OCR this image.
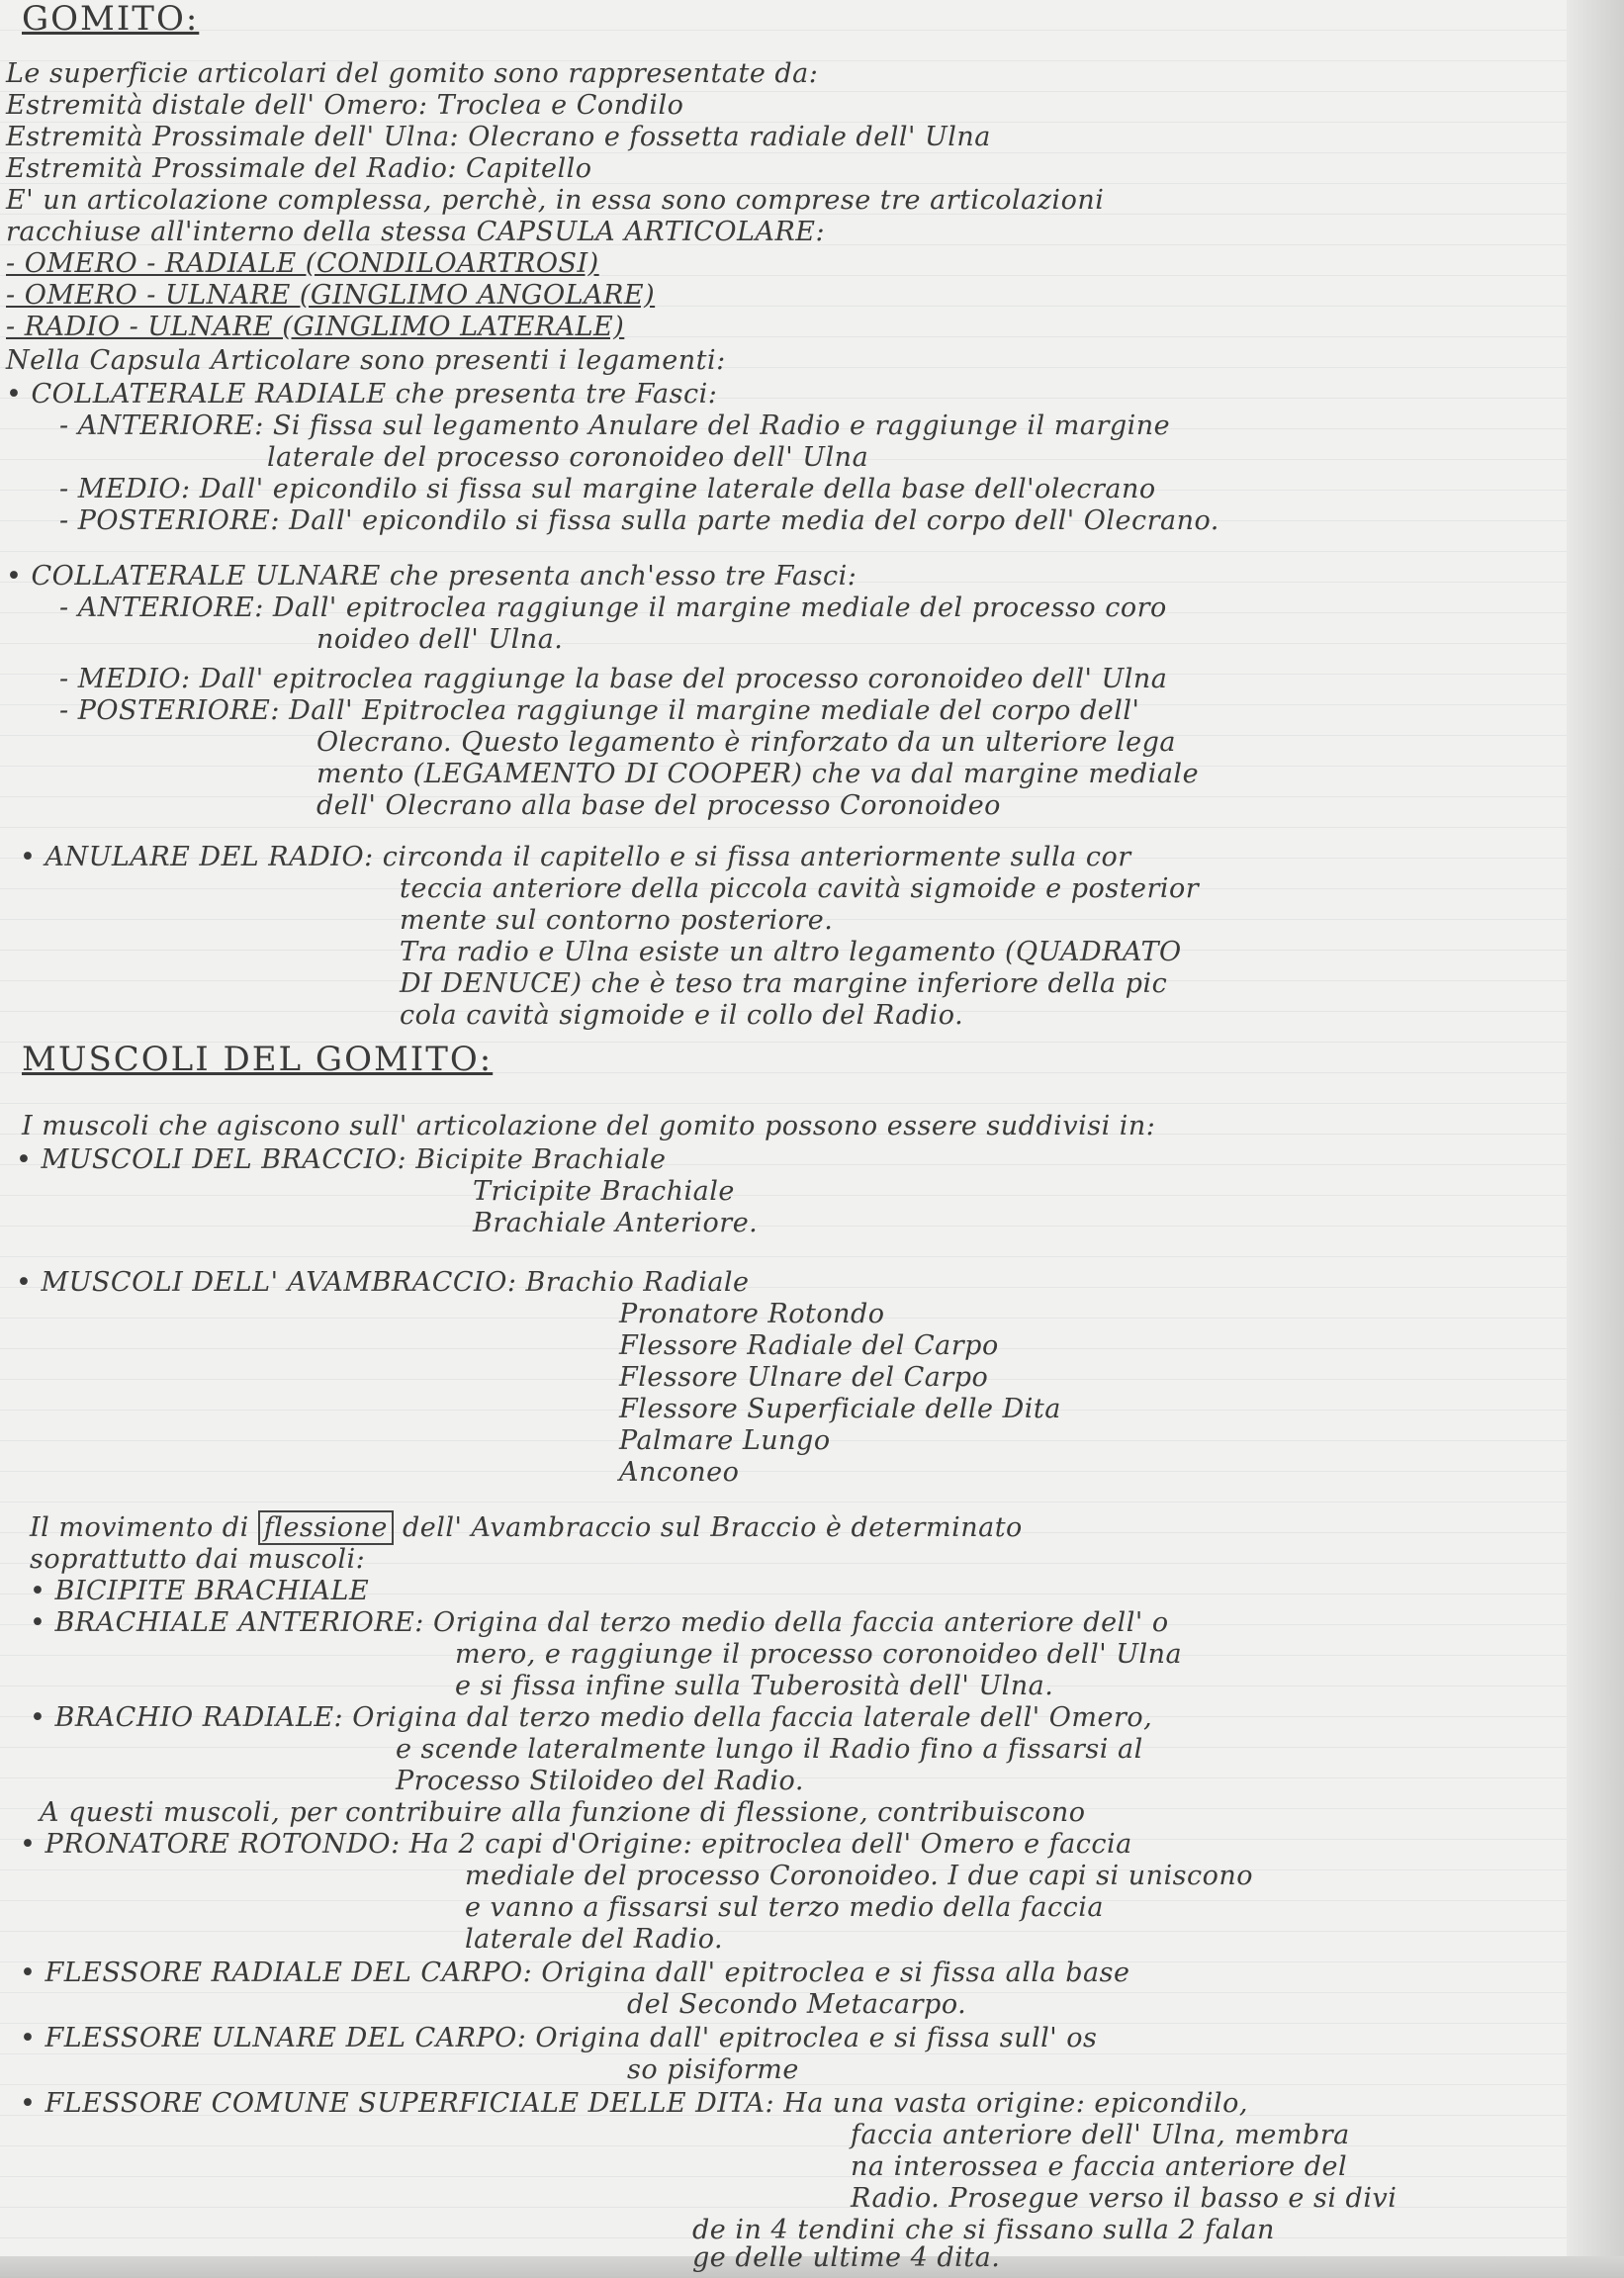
GOMITO:
Le superficie articolari del gomito sono rappresentate da:
Estremità distale dell' Omero: Troclea e Condilo
Estremità Prossimale dell' Ulna: Olecrano e fossetta radiale dell' Ulna
Estremità Prossimale del Radio: Capitello
E' un articolazione complessa, perchè, in essa sono comprese tre articolazioni
racchiuse all'interno della stessa CAPSULA ARTICOLARE:
- OMERO - RADIALE (CONDILOARTROSI)
- OMERO - ULNARE (GINGLIMO ANGOLARE)
- RADIO - ULNARE (GINGLIMO LATERALE)
Nella Capsula Articolare sono presenti i legamenti:
• COLLATERALE RADIALE che presenta tre Fasci:
- ANTERIORE: Si fissa sul legamento Anulare del Radio e raggiunge il margine
laterale del processo coronoideo dell' Ulna
- MEDIO: Dall' epicondilo si fissa sul margine laterale della base dell'olecrano
- POSTERIORE: Dall' epicondilo si fissa sulla parte media del corpo dell' Olecrano.
• COLLATERALE ULNARE che presenta anch'esso tre Fasci:
- ANTERIORE: Dall' epitroclea raggiunge il margine mediale del processo coro
noideo dell' Ulna.
- MEDIO: Dall' epitroclea raggiunge la base del processo coronoideo dell' Ulna
- POSTERIORE: Dall' Epitroclea raggiunge il margine mediale del corpo dell'
Olecrano. Questo legamento è rinforzato da un ulteriore lega
mento (LEGAMENTO DI COOPER) che va dal margine mediale
dell' Olecrano alla base del processo Coronoideo
• ANULARE DEL RADIO: circonda il capitello e si fissa anteriormente sulla cor
teccia anteriore della piccola cavità sigmoide e posterior
mente sul contorno posteriore.
Tra radio e Ulna esiste un altro legamento (QUADRATO
DI DENUCE) che è teso tra margine inferiore della pic
cola cavità sigmoide e il collo del Radio.
MUSCOLI DEL GOMITO:
I muscoli che agiscono sull' articolazione del gomito possono essere suddivisi in:
• MUSCOLI DEL BRACCIO: Bicipite Brachiale
Tricipite Brachiale
Brachiale Anteriore.
• MUSCOLI DELL' AVAMBRACCIO: Brachio Radiale
Pronatore Rotondo
Flessore Radiale del Carpo
Flessore Ulnare del Carpo
Flessore Superficiale delle Dita
Palmare Lungo
Anconeo
Il movimento di flessione dell' Avambraccio sul Braccio è determinato
soprattutto dai muscoli:
• BICIPITE BRACHIALE
• BRACHIALE ANTERIORE: Origina dal terzo medio della faccia anteriore dell' o
mero, e raggiunge il processo coronoideo dell' Ulna
e si fissa infine sulla Tuberosità dell' Ulna.
• BRACHIO RADIALE: Origina dal terzo medio della faccia laterale dell' Omero,
e scende lateralmente lungo il Radio fino a fissarsi al
Processo Stiloideo del Radio.
A questi muscoli, per contribuire alla funzione di flessione, contribuiscono
• PRONATORE ROTONDO: Ha 2 capi d'Origine: epitroclea dell' Omero e faccia
mediale del processo Coronoideo. I due capi si uniscono
e vanno a fissarsi sul terzo medio della faccia
laterale del Radio.
• FLESSORE RADIALE DEL CARPO: Origina dall' epitroclea e si fissa alla base
del Secondo Metacarpo.
• FLESSORE ULNARE DEL CARPO: Origina dall' epitroclea e si fissa sull' os
so pisiforme
• FLESSORE COMUNE SUPERFICIALE DELLE DITA: Ha una vasta origine: epicondilo,
faccia anteriore dell' Ulna, membra
na interossea e faccia anteriore del
Radio. Prosegue verso il basso e si divi
de in 4 tendini che si fissano sulla 2 falan
ge delle ultime 4 dita.
